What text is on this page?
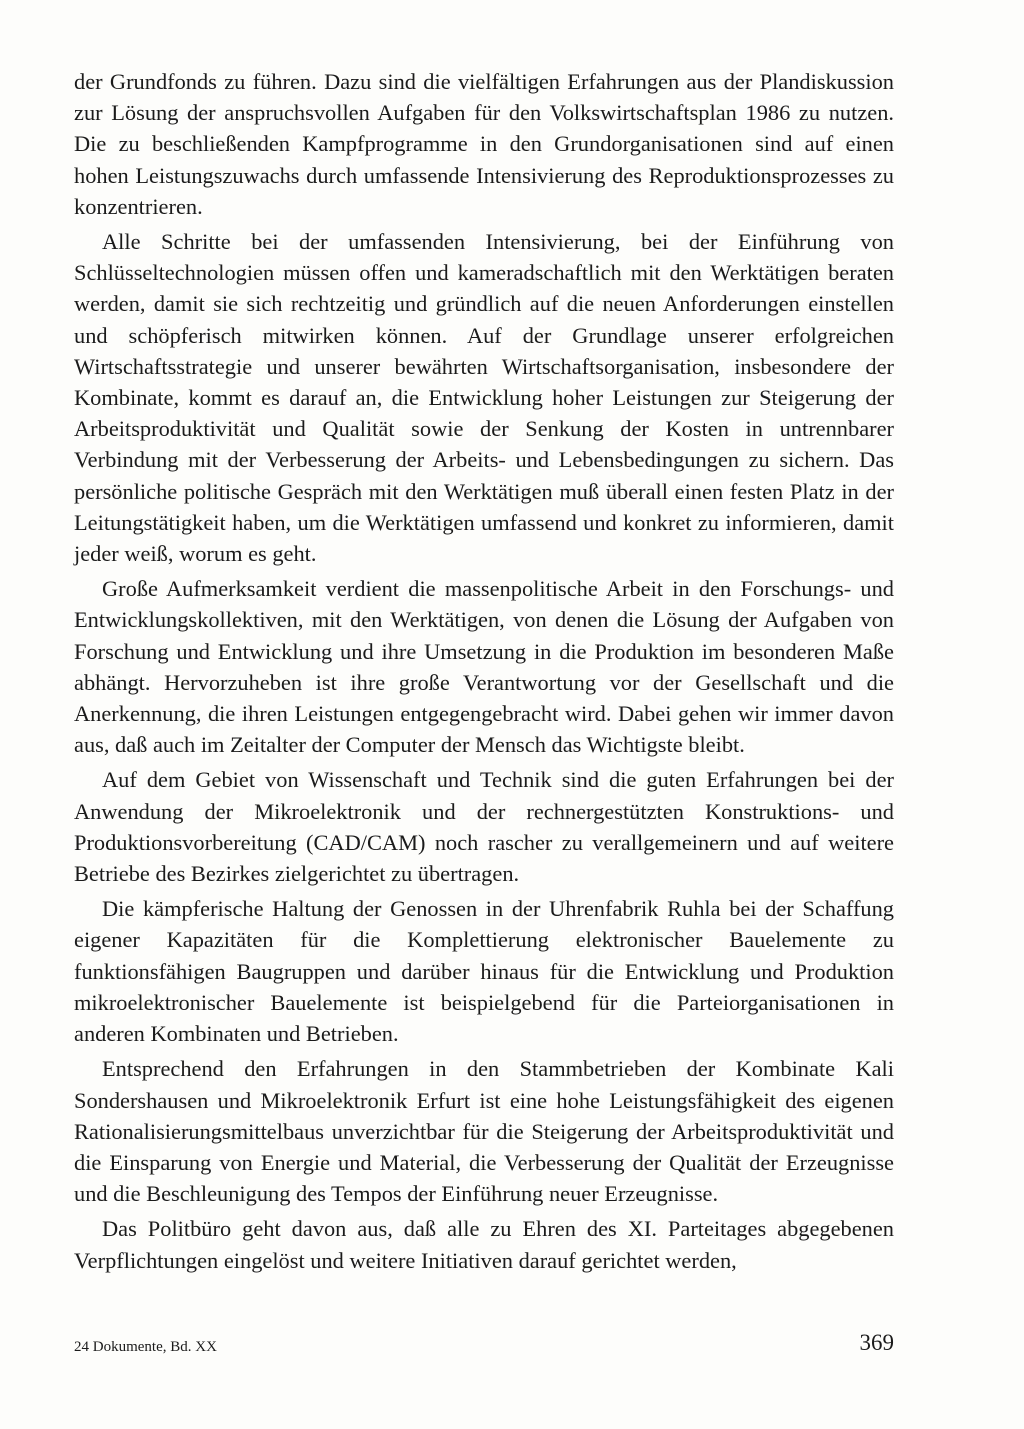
der Grundfonds zu führen. Dazu sind die vielfältigen Erfahrungen aus der Plandiskussion zur Lösung der anspruchsvollen Aufgaben für den Volkswirtschaftsplan 1986 zu nutzen. Die zu beschließenden Kampfprogramme in den Grundorganisationen sind auf einen hohen Leistungszuwachs durch umfassende Intensivierung des Reproduktionsprozesses zu konzentrieren.

Alle Schritte bei der umfassenden Intensivierung, bei der Einführung von Schlüsseltechnologien müssen offen und kameradschaftlich mit den Werktätigen beraten werden, damit sie sich rechtzeitig und gründlich auf die neuen Anforderungen einstellen und schöpferisch mitwirken können. Auf der Grundlage unserer erfolgreichen Wirtschaftsstrategie und unserer bewährten Wirtschaftsorganisation, insbesondere der Kombinate, kommt es darauf an, die Entwicklung hoher Leistungen zur Steigerung der Arbeitsproduktivität und Qualität sowie der Senkung der Kosten in untrennbarer Verbindung mit der Verbesserung der Arbeits- und Lebensbedingungen zu sichern. Das persönliche politische Gespräch mit den Werktätigen muß überall einen festen Platz in der Leitungstätigkeit haben, um die Werktätigen umfassend und konkret zu informieren, damit jeder weiß, worum es geht.

Große Aufmerksamkeit verdient die massenpolitische Arbeit in den Forschungs- und Entwicklungskollektiven, mit den Werktätigen, von denen die Lösung der Aufgaben von Forschung und Entwicklung und ihre Umsetzung in die Produktion im besonderen Maße abhängt. Hervorzuheben ist ihre große Verantwortung vor der Gesellschaft und die Anerkennung, die ihren Leistungen entgegengebracht wird. Dabei gehen wir immer davon aus, daß auch im Zeitalter der Computer der Mensch das Wichtigste bleibt.

Auf dem Gebiet von Wissenschaft und Technik sind die guten Erfahrungen bei der Anwendung der Mikroelektronik und der rechnergestützten Konstruktions- und Produktionsvorbereitung (CAD/CAM) noch rascher zu verallgemeinern und auf weitere Betriebe des Bezirkes zielgerichtet zu übertragen.

Die kämpferische Haltung der Genossen in der Uhrenfabrik Ruhla bei der Schaffung eigener Kapazitäten für die Komplettierung elektronischer Bauelemente zu funktionsfähigen Baugruppen und darüber hinaus für die Entwicklung und Produktion mikroelektronischer Bauelemente ist beispielgebend für die Parteiorganisationen in anderen Kombinaten und Betrieben.

Entsprechend den Erfahrungen in den Stammbetrieben der Kombinate Kali Sondershausen und Mikroelektronik Erfurt ist eine hohe Leistungsfähigkeit des eigenen Rationalisierungsmittelbaus unverzichtbar für die Steigerung der Arbeitsproduktivität und die Einsparung von Energie und Material, die Verbesserung der Qualität der Erzeugnisse und die Beschleunigung des Tempos der Einführung neuer Erzeugnisse.

Das Politbüro geht davon aus, daß alle zu Ehren des XI. Parteitages abgegebenen Verpflichtungen eingelöst und weitere Initiativen darauf gerichtet werden,

24 Dokumente, Bd. XX	369
